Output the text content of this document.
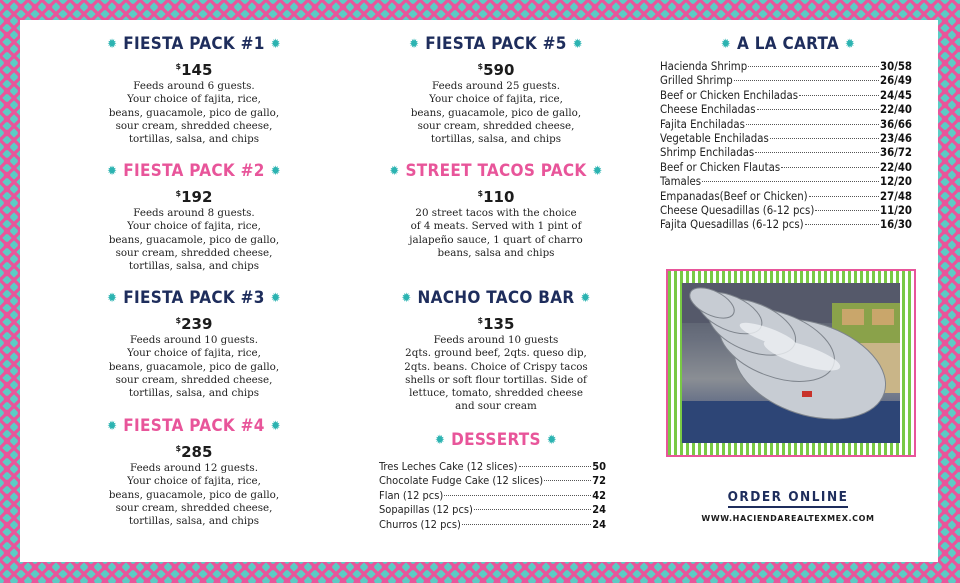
✹ FIESTA PACK #1 ✹
$145
Feeds around 6 guests.
Your choice of fajita, rice,
beans, guacamole, pico de gallo,
sour cream, shredded cheese,
tortillas, salsa, and chips
✹ FIESTA PACK #2 ✹
$192
Feeds around 8 guests.
Your choice of fajita, rice,
beans, guacamole, pico de gallo,
sour cream, shredded cheese,
tortillas, salsa, and chips
✹ FIESTA PACK #3 ✹
$239
Feeds around 10 guests.
Your choice of fajita, rice,
beans, guacamole, pico de gallo,
sour cream, shredded cheese,
tortillas, salsa, and chips
✹ FIESTA PACK #4 ✹
$285
Feeds around 12 guests.
Your choice of fajita, rice,
beans, guacamole, pico de gallo,
sour cream, shredded cheese,
tortillas, salsa, and chips
✹ FIESTA PACK #5 ✹
$590
Feeds around 25 guests.
Your choice of fajita, rice,
beans, guacamole, pico de gallo,
sour cream, shredded cheese,
tortillas, salsa, and chips
✹ STREET TACOS PACK ✹
$110
20 street tacos with the choice
of 4 meats. Served with 1 pint of
jalapeño sauce, 1 quart of charro
beans, salsa and chips
✹ NACHO TACO BAR ✹
$135
Feeds around 10 guests
2qts. ground beef, 2qts. queso dip,
2qts. beans. Choice of Crispy tacos
shells or soft flour tortillas. Side of
lettuce, tomato, shredded cheese
and sour cream
✹ DESSERTS ✹
Tres Leches Cake (12 slices)	50
Chocolate Fudge Cake (12 slices)	72
Flan (12 pcs)	42
Sopapillas (12 pcs)	24
Churros (12 pcs)	24
✹ A LA CARTA ✹
Hacienda Shrimp	30/58
Grilled Shrimp	26/49
Beef or Chicken Enchiladas	24/45
Cheese Enchiladas	22/40
Fajita Enchiladas	36/66
Vegetable Enchiladas	23/46
Shrimp Enchiladas	36/72
Beef or Chicken Flautas	22/40
Tamales	12/20
Empanadas(Beef or Chicken)	27/48
Cheese Quesadillas (6-12 pcs)	11/20
Fajita Quesadillas (6-12 pcs)	16/30
ORDER ONLINE
WWW.HACIENDAREALTEXMEX.COM
